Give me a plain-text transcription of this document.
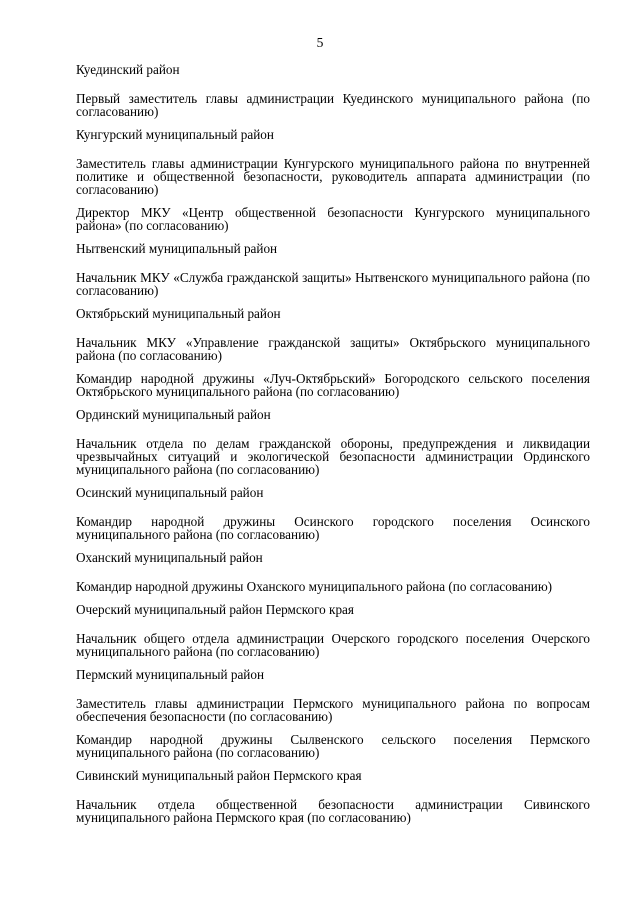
5
Куединский район
Первый заместитель главы администрации Куединского муниципального района (по согласованию)
Кунгурский муниципальный район
Заместитель главы администрации Кунгурского муниципального района по внутренней политике и общественной безопасности, руководитель аппарата администрации (по согласованию)
Директор МКУ «Центр общественной безопасности Кунгурского муниципального района» (по согласованию)
Нытвенский муниципальный район
Начальник МКУ «Служба гражданской защиты» Нытвенского муниципального района (по согласованию)
Октябрьский муниципальный район
Начальник МКУ «Управление гражданской защиты» Октябрьского муниципального района (по согласованию)
Командир народной дружины «Луч-Октябрьский» Богородского сельского поселения Октябрьского муниципального района (по согласованию)
Ординский муниципальный район
Начальник отдела по делам гражданской обороны, предупреждения и ликвидации чрезвычайных ситуаций и экологической безопасности администрации Ординского муниципального района (по согласованию)
Осинский муниципальный район
Командир народной дружины Осинского городского поселения Осинского муниципального района (по согласованию)
Оханский муниципальный район
Командир народной дружины Оханского муниципального района (по согласованию)
Очерский муниципальный район Пермского края
Начальник общего отдела администрации Очерского городского поселения Очерского муниципального района (по согласованию)
Пермский муниципальный район
Заместитель главы администрации Пермского муниципального района по вопросам обеспечения безопасности (по согласованию)
Командир народной дружины Сылвенского сельского поселения Пермского муниципального района (по согласованию)
Сивинский муниципальный район Пермского края
Начальник отдела общественной безопасности администрации Сивинского муниципального района Пермского края (по согласованию)
